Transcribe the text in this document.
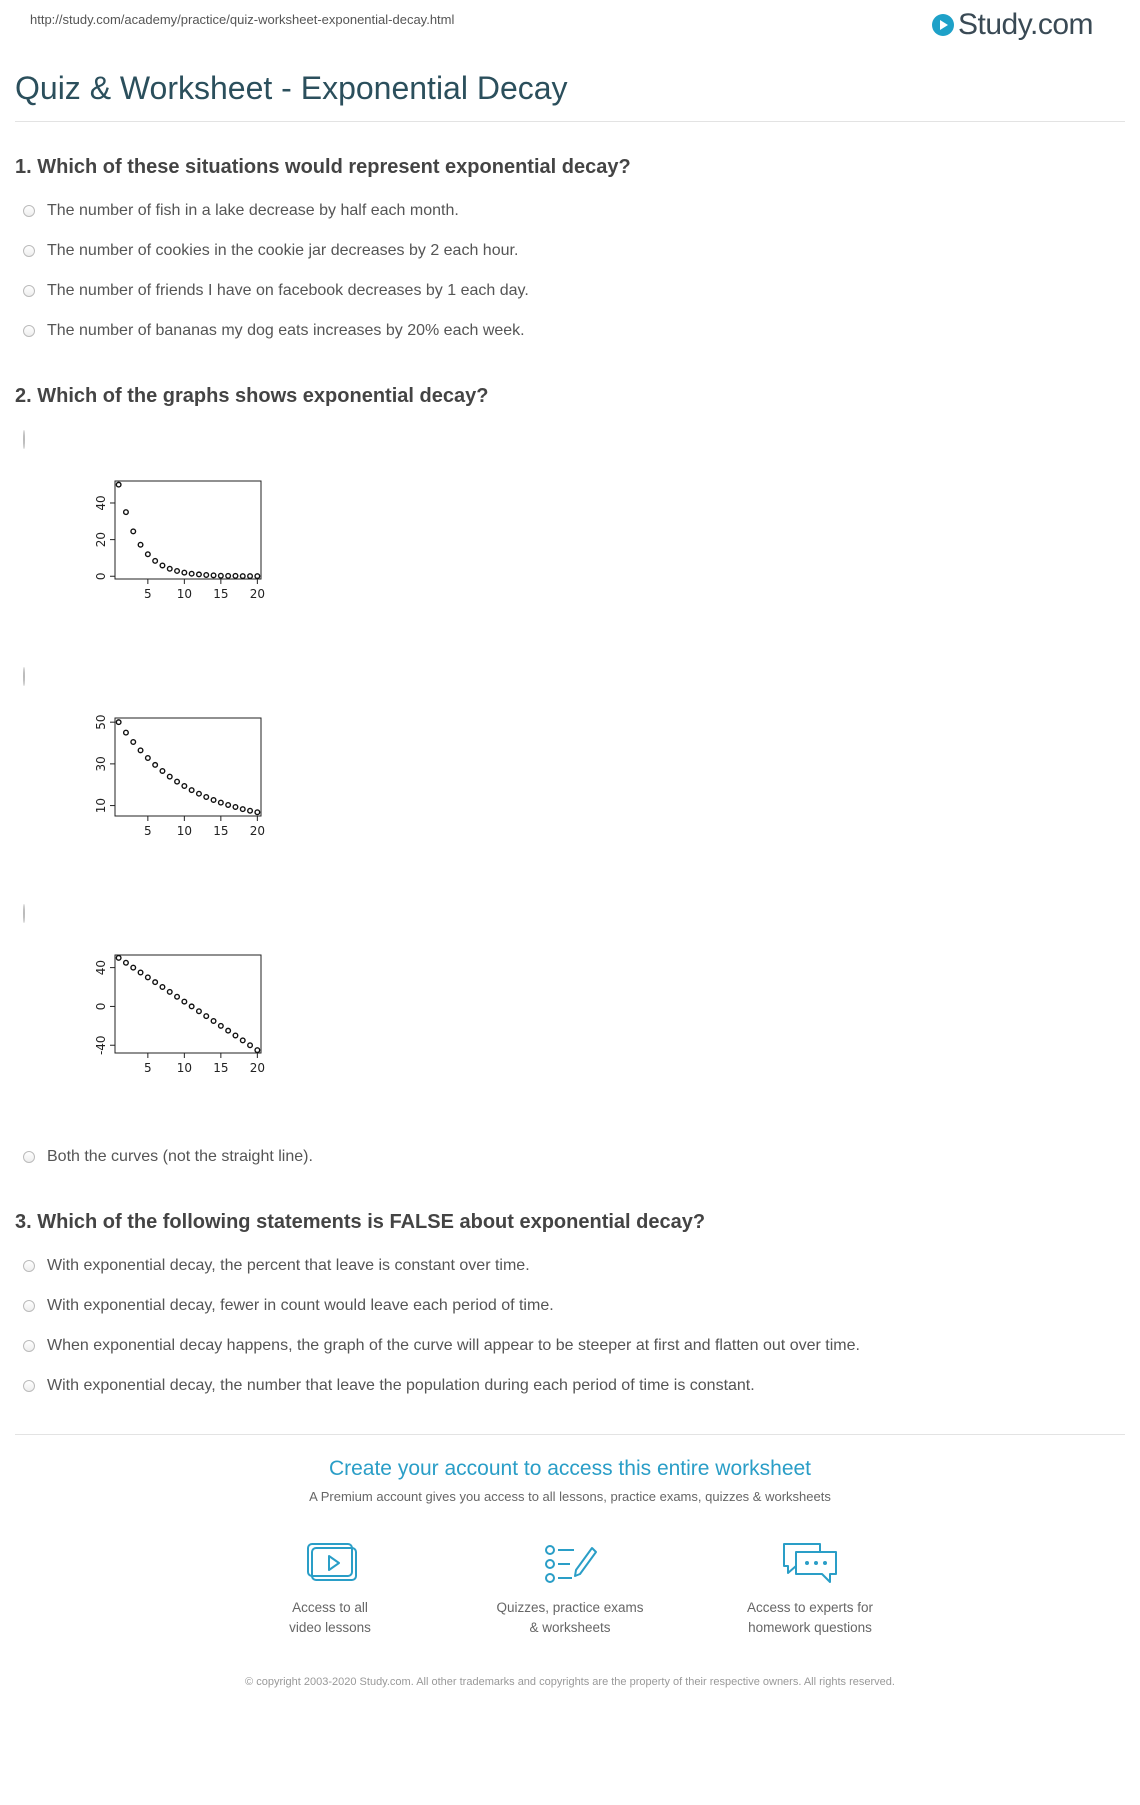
http://study.com/academy/practice/quiz-worksheet-exponential-decay.html	Study.com
Quiz & Worksheet - Exponential Decay
1. Which of these situations would represent exponential decay?
The number of fish in a lake decrease by half each month.
The number of cookies in the cookie jar decreases by 2 each hour.
The number of friends I have on facebook decreases by 1 each day.
The number of bananas my dog eats increases by 20% each week.
2. Which of the graphs shows exponential decay?
5 10 15 20
0
20
40
5 10 15 20
10
30
50
5 10 15 20
-40
0
40
Both the curves (not the straight line).
3. Which of the following statements is FALSE about exponential decay?
With exponential decay, the percent that leave is constant over time.
With exponential decay, fewer in count would leave each period of time.
When exponential decay happens, the graph of the curve will appear to be steeper at first and flatten out over time.
With exponential decay, the number that leave the population during each period of time is constant.
Create your account to access this entire worksheet
A Premium account gives you access to all lessons, practice exams, quizzes & worksheets
Access to all
video lessons
Quizzes, practice exams
& worksheets
Access to experts for
homework questions
© copyright 2003-2020 Study.com. All other trademarks and copyrights are the property of their respective owners. All rights reserved.
